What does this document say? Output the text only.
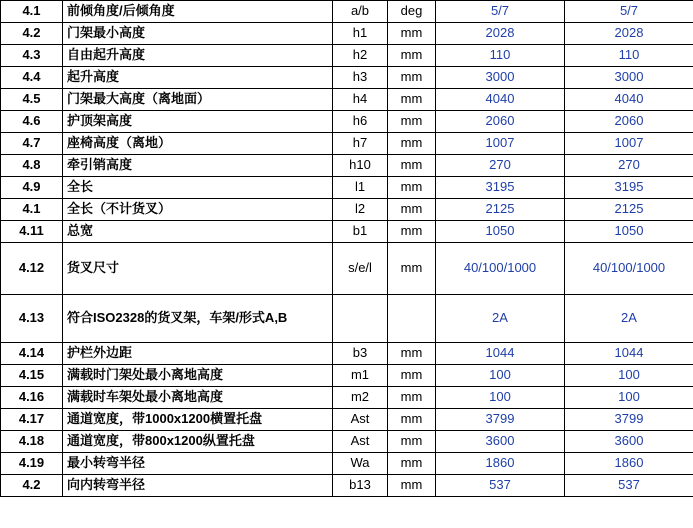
4.1	前倾角度/后倾角度	a/b	deg	5/7	5/7
4.2	门架最小高度	h1	mm	2028	2028
4.3	自由起升高度	h2	mm	110	110
4.4	起升高度	h3	mm	3000	3000
4.5	门架最大高度（离地面）	h4	mm	4040	4040
4.6	护顶架高度	h6	mm	2060	2060
4.7	座椅高度（离地）	h7	mm	1007	1007
4.8	牵引销高度	h10	mm	270	270
4.9	全长	l1	mm	3195	3195
4.1	全长（不计货叉）	l2	mm	2125	2125
4.11	总宽	b1	mm	1050	1050
4.12	货叉尺寸	s/e/l	mm	40/100/1000	40/100/1000
4.13	符合ISO2328的货叉架，车架/形式A,B			2A	2A
4.14	护栏外边距	b3	mm	1044	1044
4.15	满载时门架处最小离地高度	m1	mm	100	100
4.16	满载时车架处最小离地高度	m2	mm	100	100
4.17	通道宽度，带1000x1200横置托盘	Ast	mm	3799	3799
4.18	通道宽度，带800x1200纵置托盘	Ast	mm	3600	3600
4.19	最小转弯半径	Wa	mm	1860	1860
4.2	向内转弯半径	b13	mm	537	537
